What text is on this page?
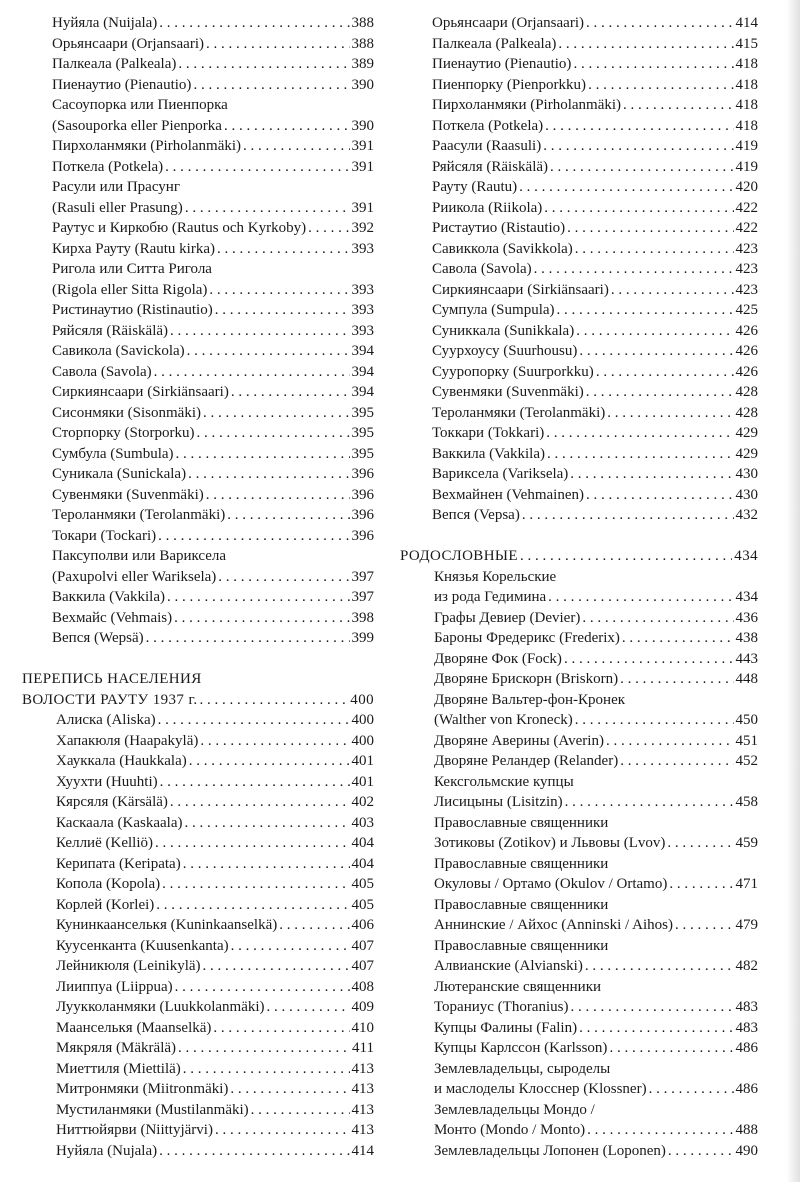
Нуйяла (Nuijala) . . .	388
Орьянсаари (Orjansaari) . . .	388
Палкеала (Palkeala) . . .	389
Пиенаутио (Pienautio) . . .	390
Сасоупорка или Пиенпорка
(Sasouporka eller Pienporka . . .	390
Пирхоланмяки (Pirholanmäki) . . .	391
Поткела (Potkela) . . .	391
Расули или Прасунг
(Rasuli eller Prasung) . . .	391
Раутус и Киркобю (Rautus och Kyrkoby) . . .	392
Кирха Рауту (Rautu kirka) . . .	393
Ригола или Ситта Ригола
(Rigola eller Sitta Rigola) . . .	393
Ристинаутио (Ristinautio) . . .	393
Ряйсяля (Räiskälä) . . .	393
Савикола (Savickola) . . .	394
Савола (Savola) . . .	394
Сиркиянсаари (Sirkiänsaari) . . .	394
Сисонмяки (Sisonmäki) . . .	395
Сторпорку (Storporku) . . .	395
Сумбула (Sumbula) . . .	395
Суникала (Sunickala) . . .	396
Сувенмяки (Suvenmäki) . . .	396
Тероланмяки (Terolanmäki) . . .	396
Токари (Tockari) . . .	396
Паксуполви или Вариксела
(Paxupolvi eller Wariksela) . . .	397
Ваккила (Vakkila) . . .	397
Вехмайс (Vehmais) . . .	398
Вепся (Wepsä) . . .	399
ПЕРЕПИСЬ НАСЕЛЕНИЯ
ВОЛОСТИ РАУТУ 1937 г. . . .	400
Алиска (Aliska) . . .	400
Хапакюля (Haapakylä) . . .	400
Хауккала (Haukkala) . . .	401
Хуухти (Huuhti) . . .	401
Кярсяля (Kärsälä) . . .	402
Каскаала (Kaskaala) . . .	403
Келлиё (Kelliö) . . .	404
Керипата (Keripata) . . .	404
Копола (Kopola) . . .	405
Корлей (Korlei) . . .	405
Кунинкаанселькя (Kuninkaanselkä) . . .	406
Куусенканта (Kuusenkanta) . . .	407
Лейникюля (Leinikylä) . . .	407
Лииппуа (Liippua) . . .	408
Луукколанмяки (Luukkolanmäki) . . .	409
Маанселькя (Maanselkä) . . .	410
Мякряля (Mäkrälä) . . .	411
Миеттиля (Miettilä) . . .	413
Митронмяки (Miitronmäki) . . .	413
Мустиланмяки (Mustilanmäki) . . .	413
Ниттюйярви (Niittyjärvi) . . .	413
Нуйяла (Nujala) . . .	414
Орьянсаари (Orjansaari) . . .	414
Палкеала (Palkeala) . . .	415
Пиенаутио (Pienautio) . . .	418
Пиенпорку (Pienporkku) . . .	418
Пирхоланмяки (Pirholanmäki) . . .	418
Поткела (Potkela) . . .	418
Раасули (Raasuli) . . .	419
Ряйсяля (Räiskälä) . . .	419
Рауту (Rautu) . . .	420
Риикола (Riikola) . . .	422
Ристаутио (Ristautio) . . .	422
Савиккола (Savikkola) . . .	423
Савола (Savola) . . .	423
Сиркиянсаари (Sirkiänsaari) . . .	423
Сумпула (Sumpula) . . .	425
Суниккала (Sunikkala) . . .	426
Суурхоусу (Suurhousu) . . .	426
Сууропорку (Suurporkku) . . .	426
Сувенмяки (Suvenmäki) . . .	428
Тероланмяки (Terolanmäki) . . .	428
Токкари (Tokkari) . . .	429
Ваккила (Vakkila) . . .	429
Вариксела (Variksela) . . .	430
Вехмайнен (Vehmainen) . . .	430
Вепся (Vepsa) . . .	432
РОДОСЛОВНЫЕ . . .	434
Князья Корельские
из рода Гедимина . . .	434
Графы Девиер (Devier) . . .	436
Бароны Фредерикс (Frederix) . . .	438
Дворяне Фок (Fock) . . .	443
Дворяне Брискорн (Briskorn) . . .	448
Дворяне Вальтер-фон-Кронек
(Walther von Kroneck) . . .	450
Дворяне Аверины (Averin) . . .	451
Дворяне Реландер (Relander) . . .	452
Кексгольмские купцы
Лисицыны (Lisitzin) . . .	458
Православные священники
Зотиковы (Zotikov) и Львовы (Lvov) . . .	459
Православные священники
Окуловы / Ортамо (Okulov / Ortamo) . . .	471
Православные священники
Аннинские / Айхос (Anninski / Aihos) . . .	479
Православные священники
Алвианские (Alvianski) . . .	482
Лютеранские священники
Тораниус (Thoranius) . . .	483
Купцы Фалины (Falin) . . .	483
Купцы Карлссон (Karlsson) . . .	486
Землевладельцы, сыроделы
и маслоделы Клосснер (Klossner) . . .	486
Землевладельцы Мондо /
Монто (Mondo / Monto) . . .	488
Землевладельцы Лопонен (Loponen) . . .	490
